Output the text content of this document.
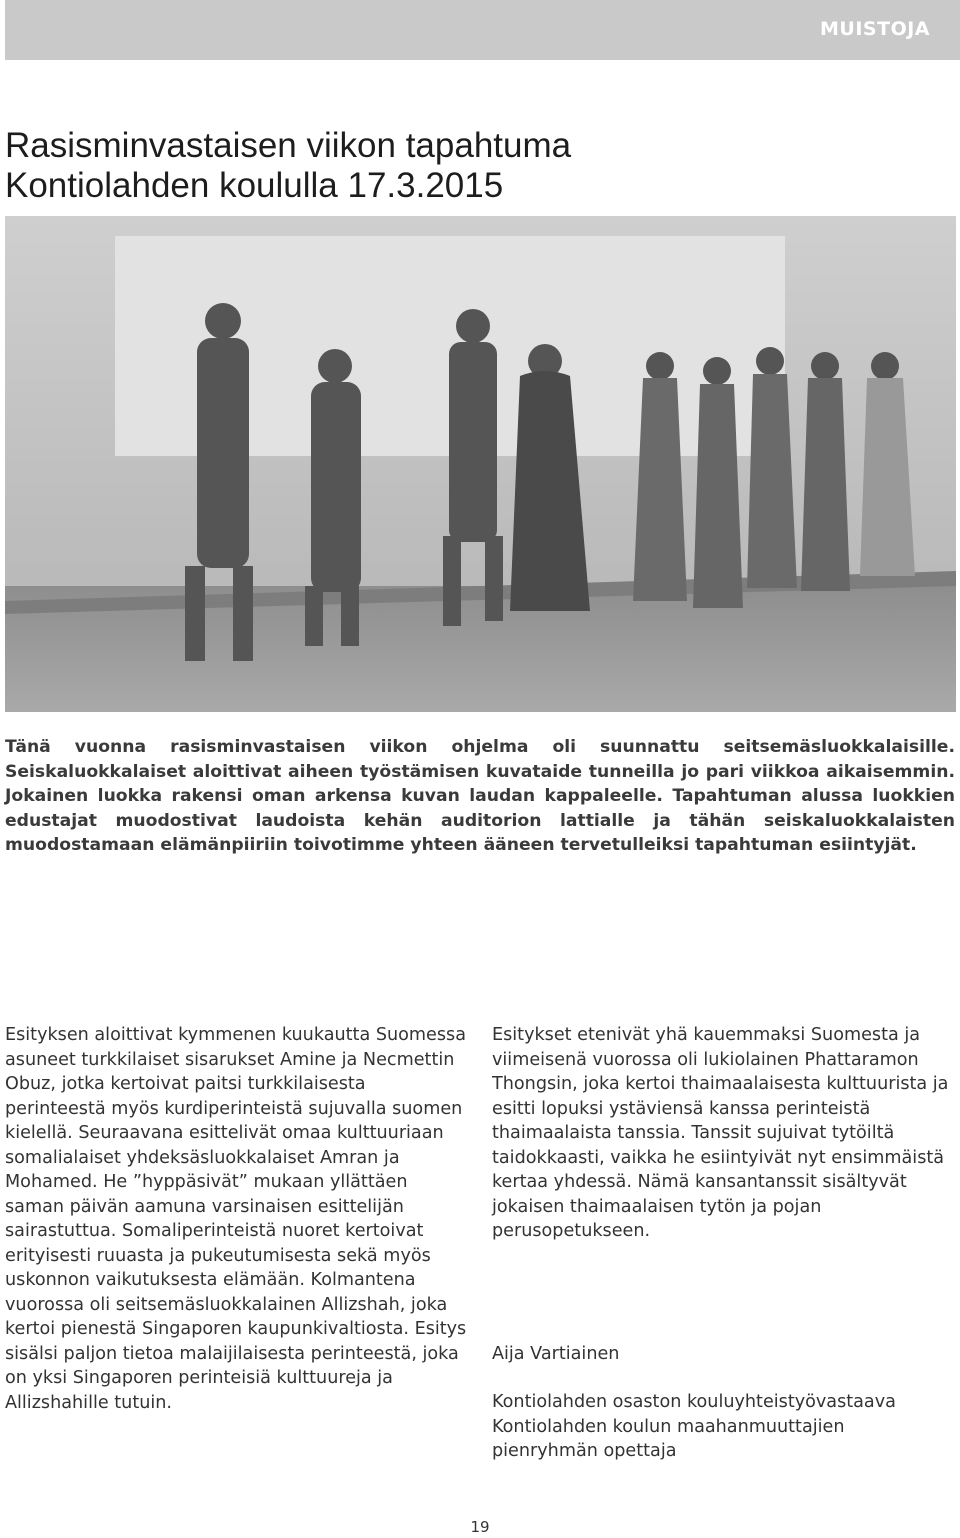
MUISTOJA
Rasisminvastaisen viikon tapahtuma
Kontiolahden koululla 17.3.2015

Tänä vuonna rasisminvastaisen viikon ohjelma oli suunnattu seitsemäsluokkalaisille. Seiskaluokkalaiset aloittivat aiheen työstämisen kuvataide tunneilla jo pari viikkoa aikaisemmin. Jokainen luokka rakensi oman arkensa kuvan laudan kappaleelle. Tapahtuman alussa luokkien edustajat muodostivat laudoista kehän auditorion lattialle ja tähän seiskaluokkalaisten muodostamaan elämänpiiriin toivotimme yhteen ääneen tervetulleiksi tapahtuman esiintyjät.

Esityksen aloittivat kymmenen kuukautta Suomessa asuneet turkkilaiset sisarukset Amine ja Necmettin Obuz, jotka kertoivat paitsi turkkilaisesta perinteestä myös kurdiperinteistä sujuvalla suomen kielellä. Seuraavana esittelivät omaa kulttuuriaan somalialaiset yhdeksäsluokkalaiset Amran ja Mohamed. He ”hyppäsivät” mukaan yllättäen saman päivän aamuna varsinaisen esittelijän sairastuttua. Somaliperinteistä nuoret kertoivat erityisesti ruuasta ja pukeutumisesta sekä myös uskonnon vaikutuksesta elämään. Kolmantena vuorossa oli seitsemäsluokkalainen Allizshah, joka kertoi pienestä Singaporen kaupunkivaltiosta. Esitys sisälsi paljon tietoa malaijilaisesta perinteestä, joka on yksi Singaporen perinteisiä kulttuureja ja Allizshahille tutuin.

Esitykset etenivät yhä kauemmaksi Suomesta ja viimeisenä vuorossa oli lukiolainen Phattaramon Thongsin, joka kertoi thaimaalaisesta kulttuurista ja esitti lopuksi ystäviensä kanssa perinteistä thaimaalaista tanssia. Tanssit sujuivat tytöiltä taidokkaasti, vaikka he esiintyivät nyt ensimmäistä kertaa yhdessä. Nämä kansantanssit sisältyvät jokaisen thaimaalaisen tytön ja pojan perusopetukseen.

Aija Vartiainen

Kontiolahden osaston kouluyhteistyövastaava Kontiolahden koulun maahanmuuttajien pienryhmän opettaja

19
